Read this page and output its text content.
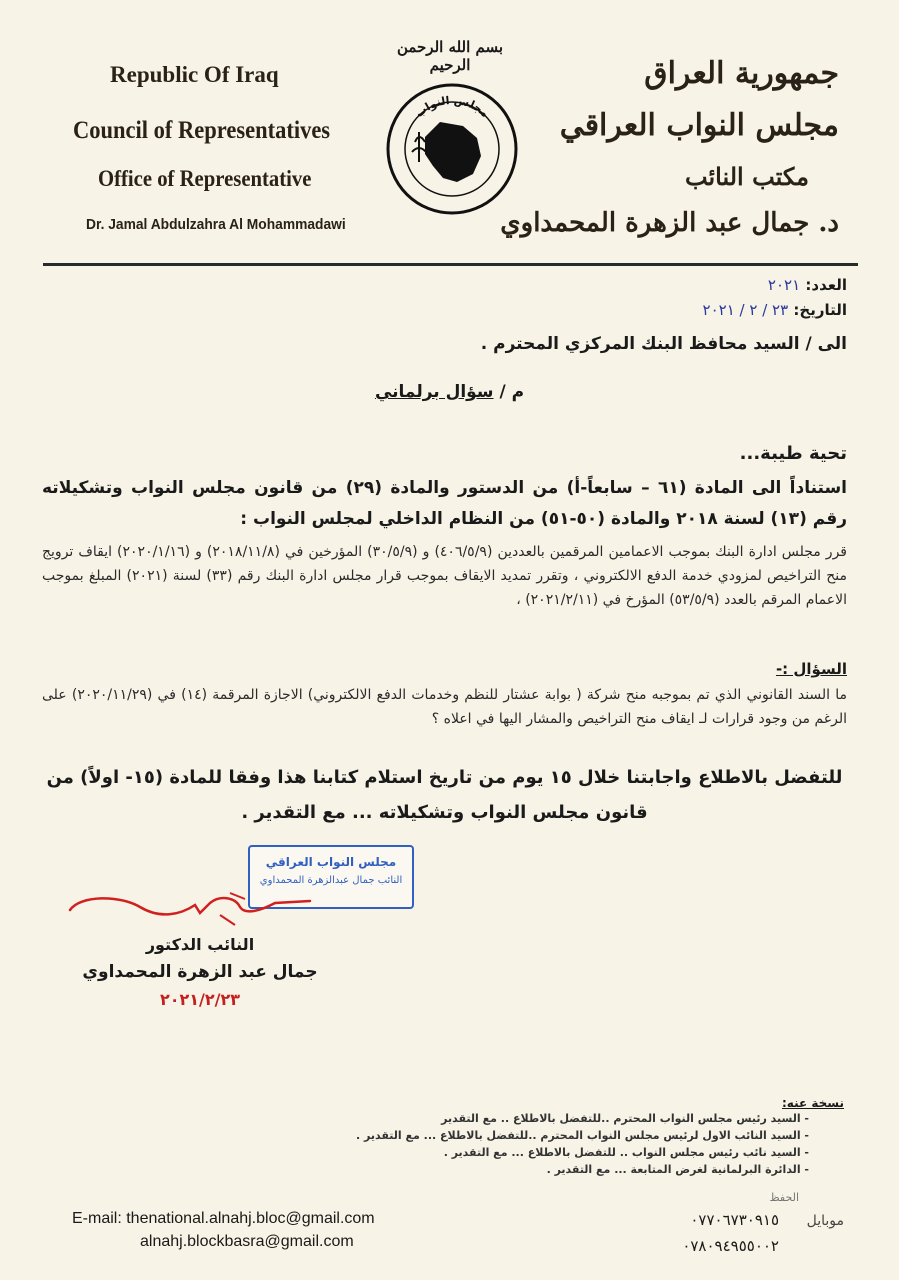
Republic Of Iraq
Council of Representatives
Office of Representative
Dr. Jamal Abdulzahra Al Mohammadawi
بسم الله الرحمن الرحيم
مجلس النواب
جمهورية العراق
مجلس النواب العراقي
مكتب النائب
د. جمال عبد الزهرة المحمداوي
العدد: ٢٠٢١
التاريخ: ٢٣ / ٢ / ٢٠٢١
الى / السيد محافظ البنك المركزي المحترم .
م / سؤال برلماني
تحية طيبة...
استناداً الى المادة (٦١ – سابعاً-أ) من الدستور والمادة (٢٩) من قانون مجلس النواب وتشكيلاته رقم (١٣) لسنة ٢٠١٨ والمادة (٥٠-٥١) من النظام الداخلي لمجلس النواب :
قرر مجلس ادارة البنك بموجب الاعمامين المرقمين بالعددين (٤٠٦/٥/٩) و (٣٠/٥/٩) المؤرخين في (٢٠١٨/١١/٨) و (٢٠٢٠/١/١٦) ايقاف ترويج منح التراخيص لمزودي خدمة الدفع الالكتروني ، وتقرر تمديد الايقاف بموجب قرار مجلس ادارة البنك رقم (٣٣) لسنة (٢٠٢١) المبلغ بموجب الاعمام المرقم بالعدد (٥٣/٥/٩) المؤرخ في (٢٠٢١/٢/١١) ،
السؤال :-
ما السند القانوني الذي تم بموجبه منح شركة ( بوابة عشتار للنظم وخدمات الدفع الالكتروني) الاجازة المرقمة (١٤) في (٢٠٢٠/١١/٢٩) على الرغم من وجود قرارات لـ ايقاف منح التراخيص والمشار اليها في اعلاه ؟
للتفضل بالاطلاع واجابتنا خلال ١٥ يوم من تاريخ استلام كتابنا هذا وفقا للمادة (١٥- اولاً) من قانون مجلس النواب وتشكيلاته ... مع التقدير .
مجلس النواب العراقي
النائب جمال عبدالزهرة المحمداوي
النائب الدكتور
جمال عبد الزهرة المحمداوي
٢٠٢١/٢/٢٣
نسخة عنه:
- السيد رئيس مجلس النواب المحترم ..للتفضل بالاطلاع .. مع التقدير
- السيد النائب الاول لرئيس مجلس النواب المحترم ..للتفضل بالاطلاع ... مع التقدير .
- السيد نائب رئيس مجلس النواب .. للتفضل بالاطلاع ... مع التقدير .
- الدائرة البرلمانية لغرض المتابعة ... مع التقدير .
الحفظ
E-mail: thenational.alnahj.bloc@gmail.com
alnahj.blockbasra@gmail.com
موبايل
٠٧٧٠٦٧٣٠٩١٥
٠٧٨٠٩٤٩٥٥٠٠٢
